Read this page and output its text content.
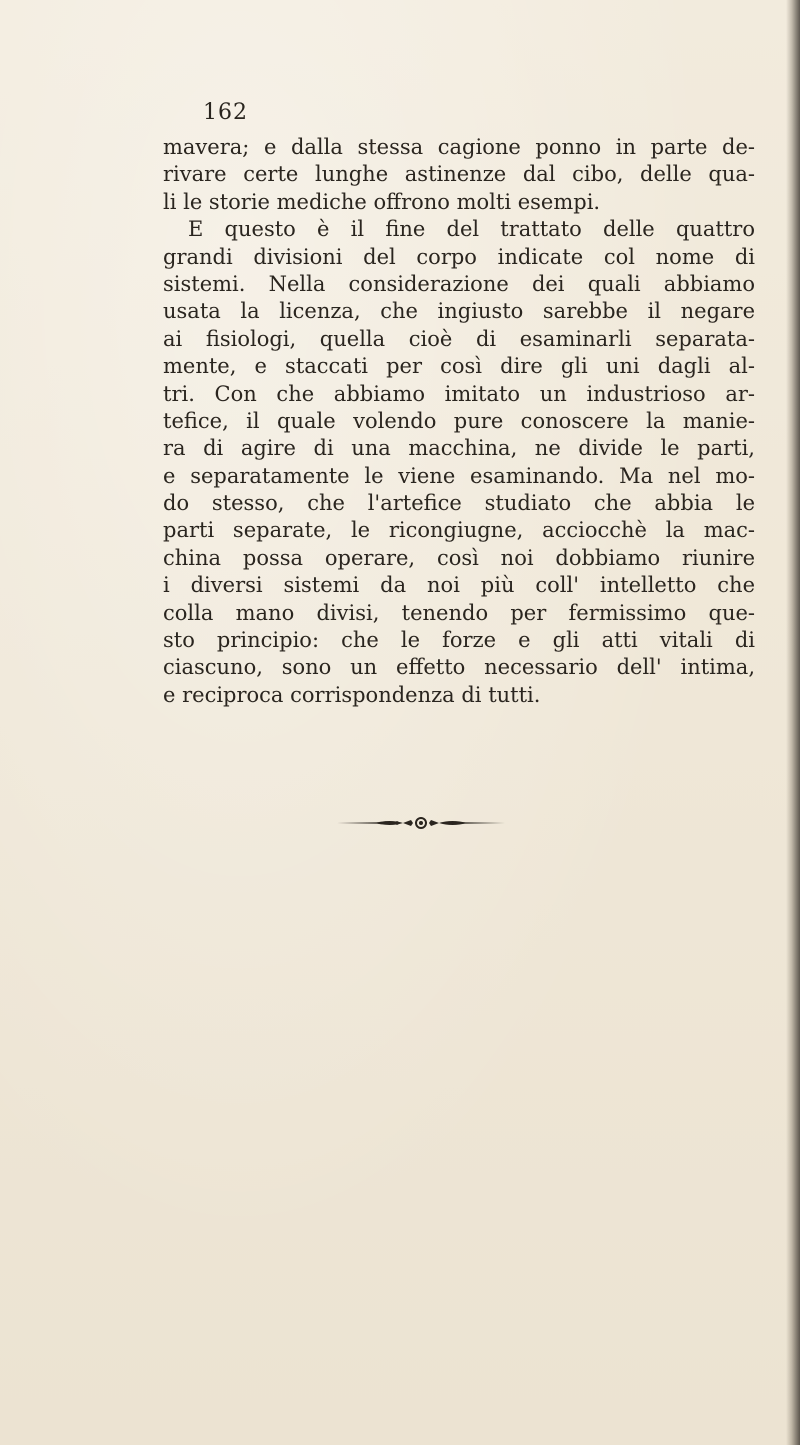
162
mavera; e dalla stessa cagione ponno in parte de-
rivare certe lunghe astinenze dal cibo, delle qua-
li le storie mediche offrono molti esempi.
E questo è il fine del trattato delle quattro
grandi divisioni del corpo indicate col nome di
sistemi. Nella considerazione dei quali abbiamo
usata la licenza, che ingiusto sarebbe il negare
ai fisiologi, quella cioè di esaminarli separata-
mente, e staccati per così dire gli uni dagli al-
tri. Con che abbiamo imitato un industrioso ar-
tefice, il quale volendo pure conoscere la manie-
ra di agire di una macchina, ne divide le parti,
e separatamente le viene esaminando. Ma nel mo-
do stesso, che l'artefice studiato che abbia le
parti separate, le ricongiugne, acciocchè la mac-
china possa operare, così noi dobbiamo riunire
i diversi sistemi da noi più coll' intelletto che
colla mano divisi, tenendo per fermissimo que-
sto principio: che le forze e gli atti vitali di
ciascuno, sono un effetto necessario dell' intima,
e reciproca corrispondenza di tutti.
